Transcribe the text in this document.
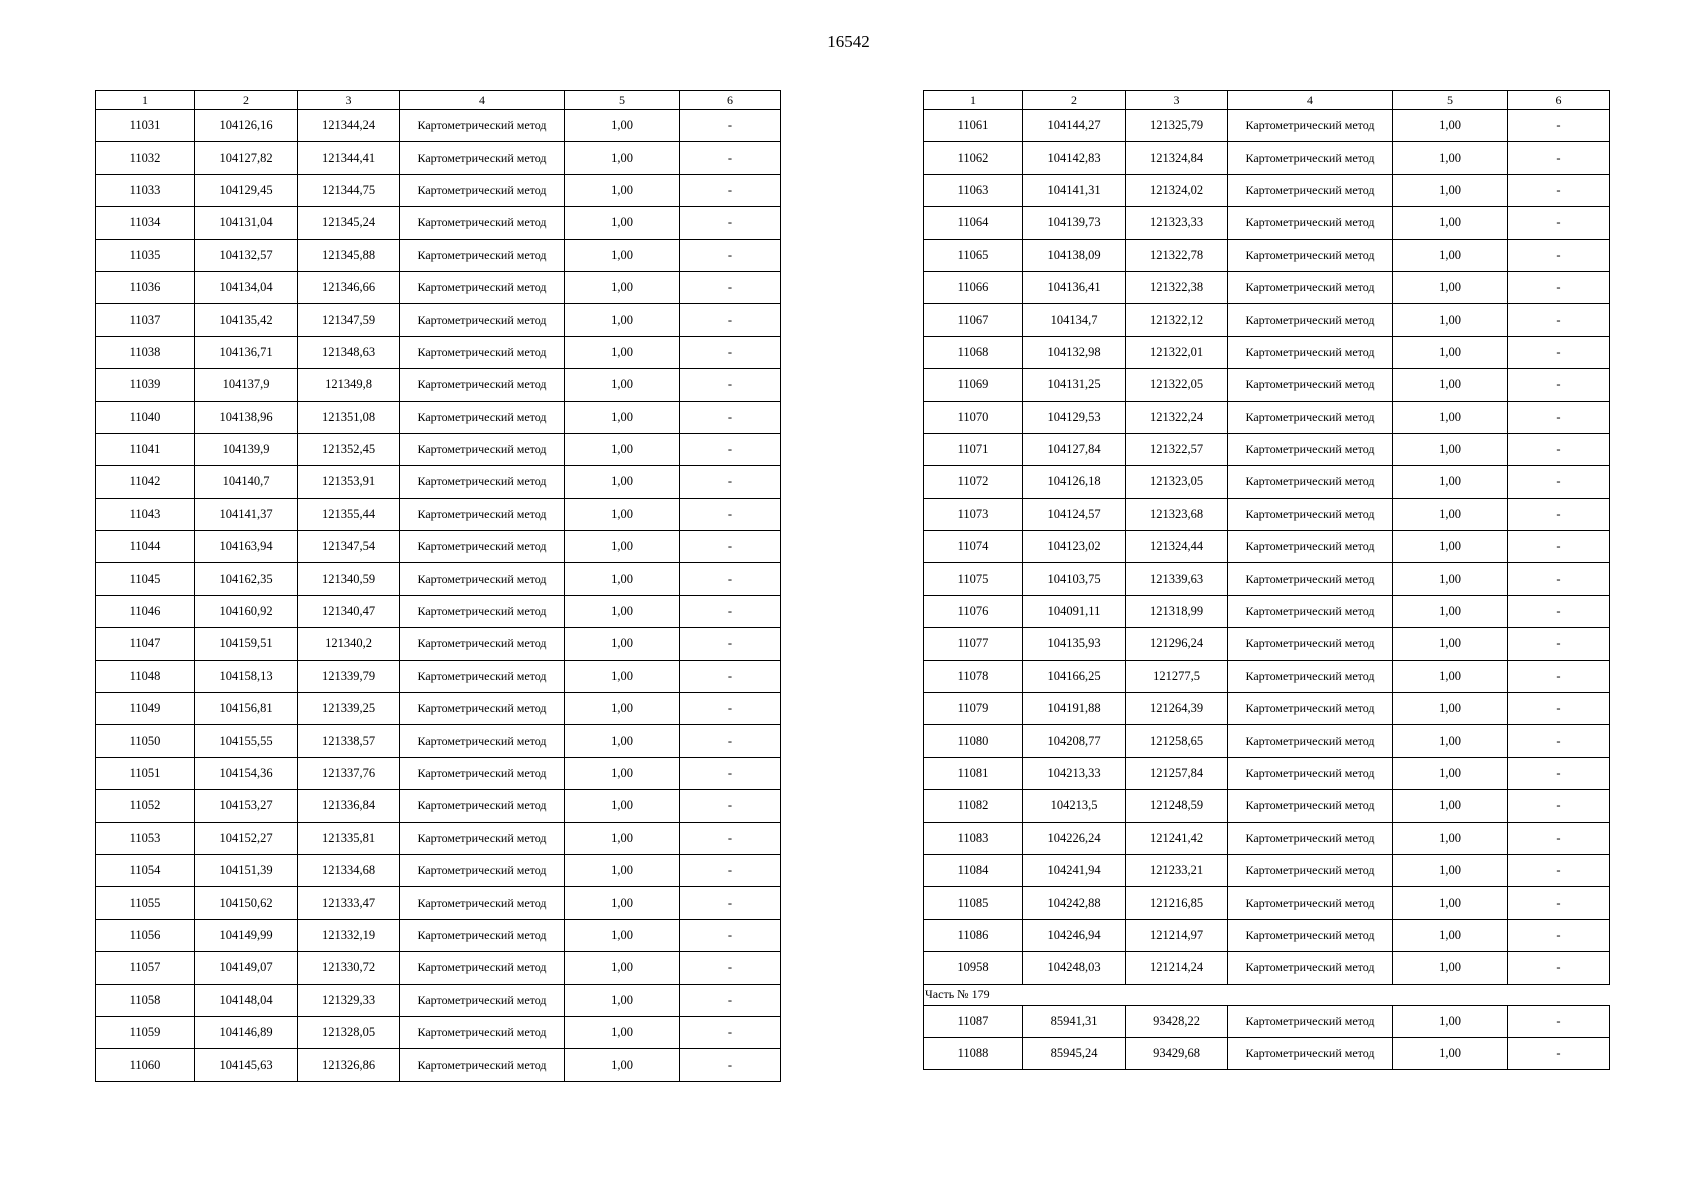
16542
1	2	3	4	5	6
11031	104126,16	121344,24	Картометрический метод	1,00	-
11032	104127,82	121344,41	Картометрический метод	1,00	-
11033	104129,45	121344,75	Картометрический метод	1,00	-
11034	104131,04	121345,24	Картометрический метод	1,00	-
11035	104132,57	121345,88	Картометрический метод	1,00	-
11036	104134,04	121346,66	Картометрический метод	1,00	-
11037	104135,42	121347,59	Картометрический метод	1,00	-
11038	104136,71	121348,63	Картометрический метод	1,00	-
11039	104137,9	121349,8	Картометрический метод	1,00	-
11040	104138,96	121351,08	Картометрический метод	1,00	-
11041	104139,9	121352,45	Картометрический метод	1,00	-
11042	104140,7	121353,91	Картометрический метод	1,00	-
11043	104141,37	121355,44	Картометрический метод	1,00	-
11044	104163,94	121347,54	Картометрический метод	1,00	-
11045	104162,35	121340,59	Картометрический метод	1,00	-
11046	104160,92	121340,47	Картометрический метод	1,00	-
11047	104159,51	121340,2	Картометрический метод	1,00	-
11048	104158,13	121339,79	Картометрический метод	1,00	-
11049	104156,81	121339,25	Картометрический метод	1,00	-
11050	104155,55	121338,57	Картометрический метод	1,00	-
11051	104154,36	121337,76	Картометрический метод	1,00	-
11052	104153,27	121336,84	Картометрический метод	1,00	-
11053	104152,27	121335,81	Картометрический метод	1,00	-
11054	104151,39	121334,68	Картометрический метод	1,00	-
11055	104150,62	121333,47	Картометрический метод	1,00	-
11056	104149,99	121332,19	Картометрический метод	1,00	-
11057	104149,07	121330,72	Картометрический метод	1,00	-
11058	104148,04	121329,33	Картометрический метод	1,00	-
11059	104146,89	121328,05	Картометрический метод	1,00	-
11060	104145,63	121326,86	Картометрический метод	1,00	-
1	2	3	4	5	6
11061	104144,27	121325,79	Картометрический метод	1,00	-
11062	104142,83	121324,84	Картометрический метод	1,00	-
11063	104141,31	121324,02	Картометрический метод	1,00	-
11064	104139,73	121323,33	Картометрический метод	1,00	-
11065	104138,09	121322,78	Картометрический метод	1,00	-
11066	104136,41	121322,38	Картометрический метод	1,00	-
11067	104134,7	121322,12	Картометрический метод	1,00	-
11068	104132,98	121322,01	Картометрический метод	1,00	-
11069	104131,25	121322,05	Картометрический метод	1,00	-
11070	104129,53	121322,24	Картометрический метод	1,00	-
11071	104127,84	121322,57	Картометрический метод	1,00	-
11072	104126,18	121323,05	Картометрический метод	1,00	-
11073	104124,57	121323,68	Картометрический метод	1,00	-
11074	104123,02	121324,44	Картометрический метод	1,00	-
11075	104103,75	121339,63	Картометрический метод	1,00	-
11076	104091,11	121318,99	Картометрический метод	1,00	-
11077	104135,93	121296,24	Картометрический метод	1,00	-
11078	104166,25	121277,5	Картометрический метод	1,00	-
11079	104191,88	121264,39	Картометрический метод	1,00	-
11080	104208,77	121258,65	Картометрический метод	1,00	-
11081	104213,33	121257,84	Картометрический метод	1,00	-
11082	104213,5	121248,59	Картометрический метод	1,00	-
11083	104226,24	121241,42	Картометрический метод	1,00	-
11084	104241,94	121233,21	Картометрический метод	1,00	-
11085	104242,88	121216,85	Картометрический метод	1,00	-
11086	104246,94	121214,97	Картометрический метод	1,00	-
10958	104248,03	121214,24	Картометрический метод	1,00	-
Часть № 179					
11087	85941,31	93428,22	Картометрический метод	1,00	-
11088	85945,24	93429,68	Картометрический метод	1,00	-
